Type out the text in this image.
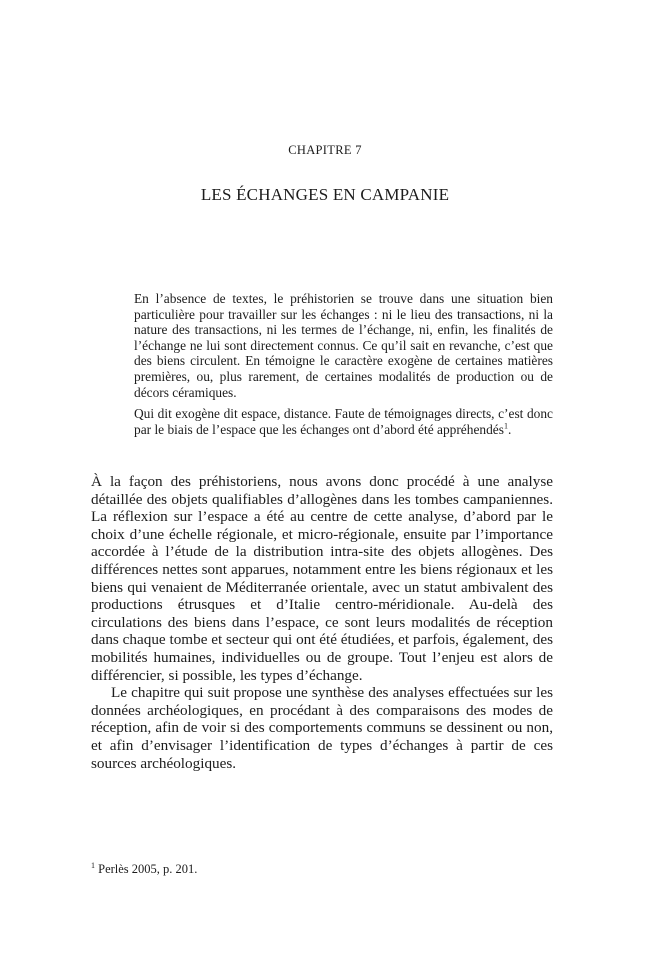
CHAPITRE 7
LES ÉCHANGES EN CAMPANIE

En l’absence de textes, le préhistorien se trouve dans une situation bien particulière pour travailler sur les échanges : ni le lieu des transactions, ni la nature des transactions, ni les termes de l’échange, ni, enfin, les finalités de l’échange ne lui sont directement connus. Ce qu’il sait en revanche, c’est que des biens circulent. En témoigne le caractère exogène de certaines matières premières, ou, plus rarement, de certaines modalités de production ou de décors céramiques.

Qui dit exogène dit espace, distance. Faute de témoignages directs, c’est donc par le biais de l’espace que les échanges ont d’abord été appréhendés$^1$.

À la façon des préhistoriens, nous avons donc procédé à une analyse détaillée des objets qualifiables d’allogènes dans les tombes campaniennes. La réflexion sur l’espace a été au centre de cette analyse, d’abord par le choix d’une échelle régionale, et micro-régionale, ensuite par l’importance accordée à l’étude de la distribution intra-site des objets allogènes. Des différences nettes sont apparues, notamment entre les biens régionaux et les biens qui venaient de Méditerranée orientale, avec un statut ambivalent des productions étrusques et d’Italie centro-méridionale. Au-delà des circulations des biens dans l’espace, ce sont leurs modalités de réception dans chaque tombe et secteur qui ont été étudiées, et parfois, également, des mobilités humaines, individuelles ou de groupe. Tout l’enjeu est alors de différencier, si possible, les types d’échange.

Le chapitre qui suit propose une synthèse des analyses effectuées sur les données archéologiques, en procédant à des comparaisons des modes de réception, afin de voir si des comportements communs se dessinent ou non, et afin d’envisager l’identification de types d’échanges à partir de ces sources archéologiques.

$^1$ Perlès 2005, p. 201.
